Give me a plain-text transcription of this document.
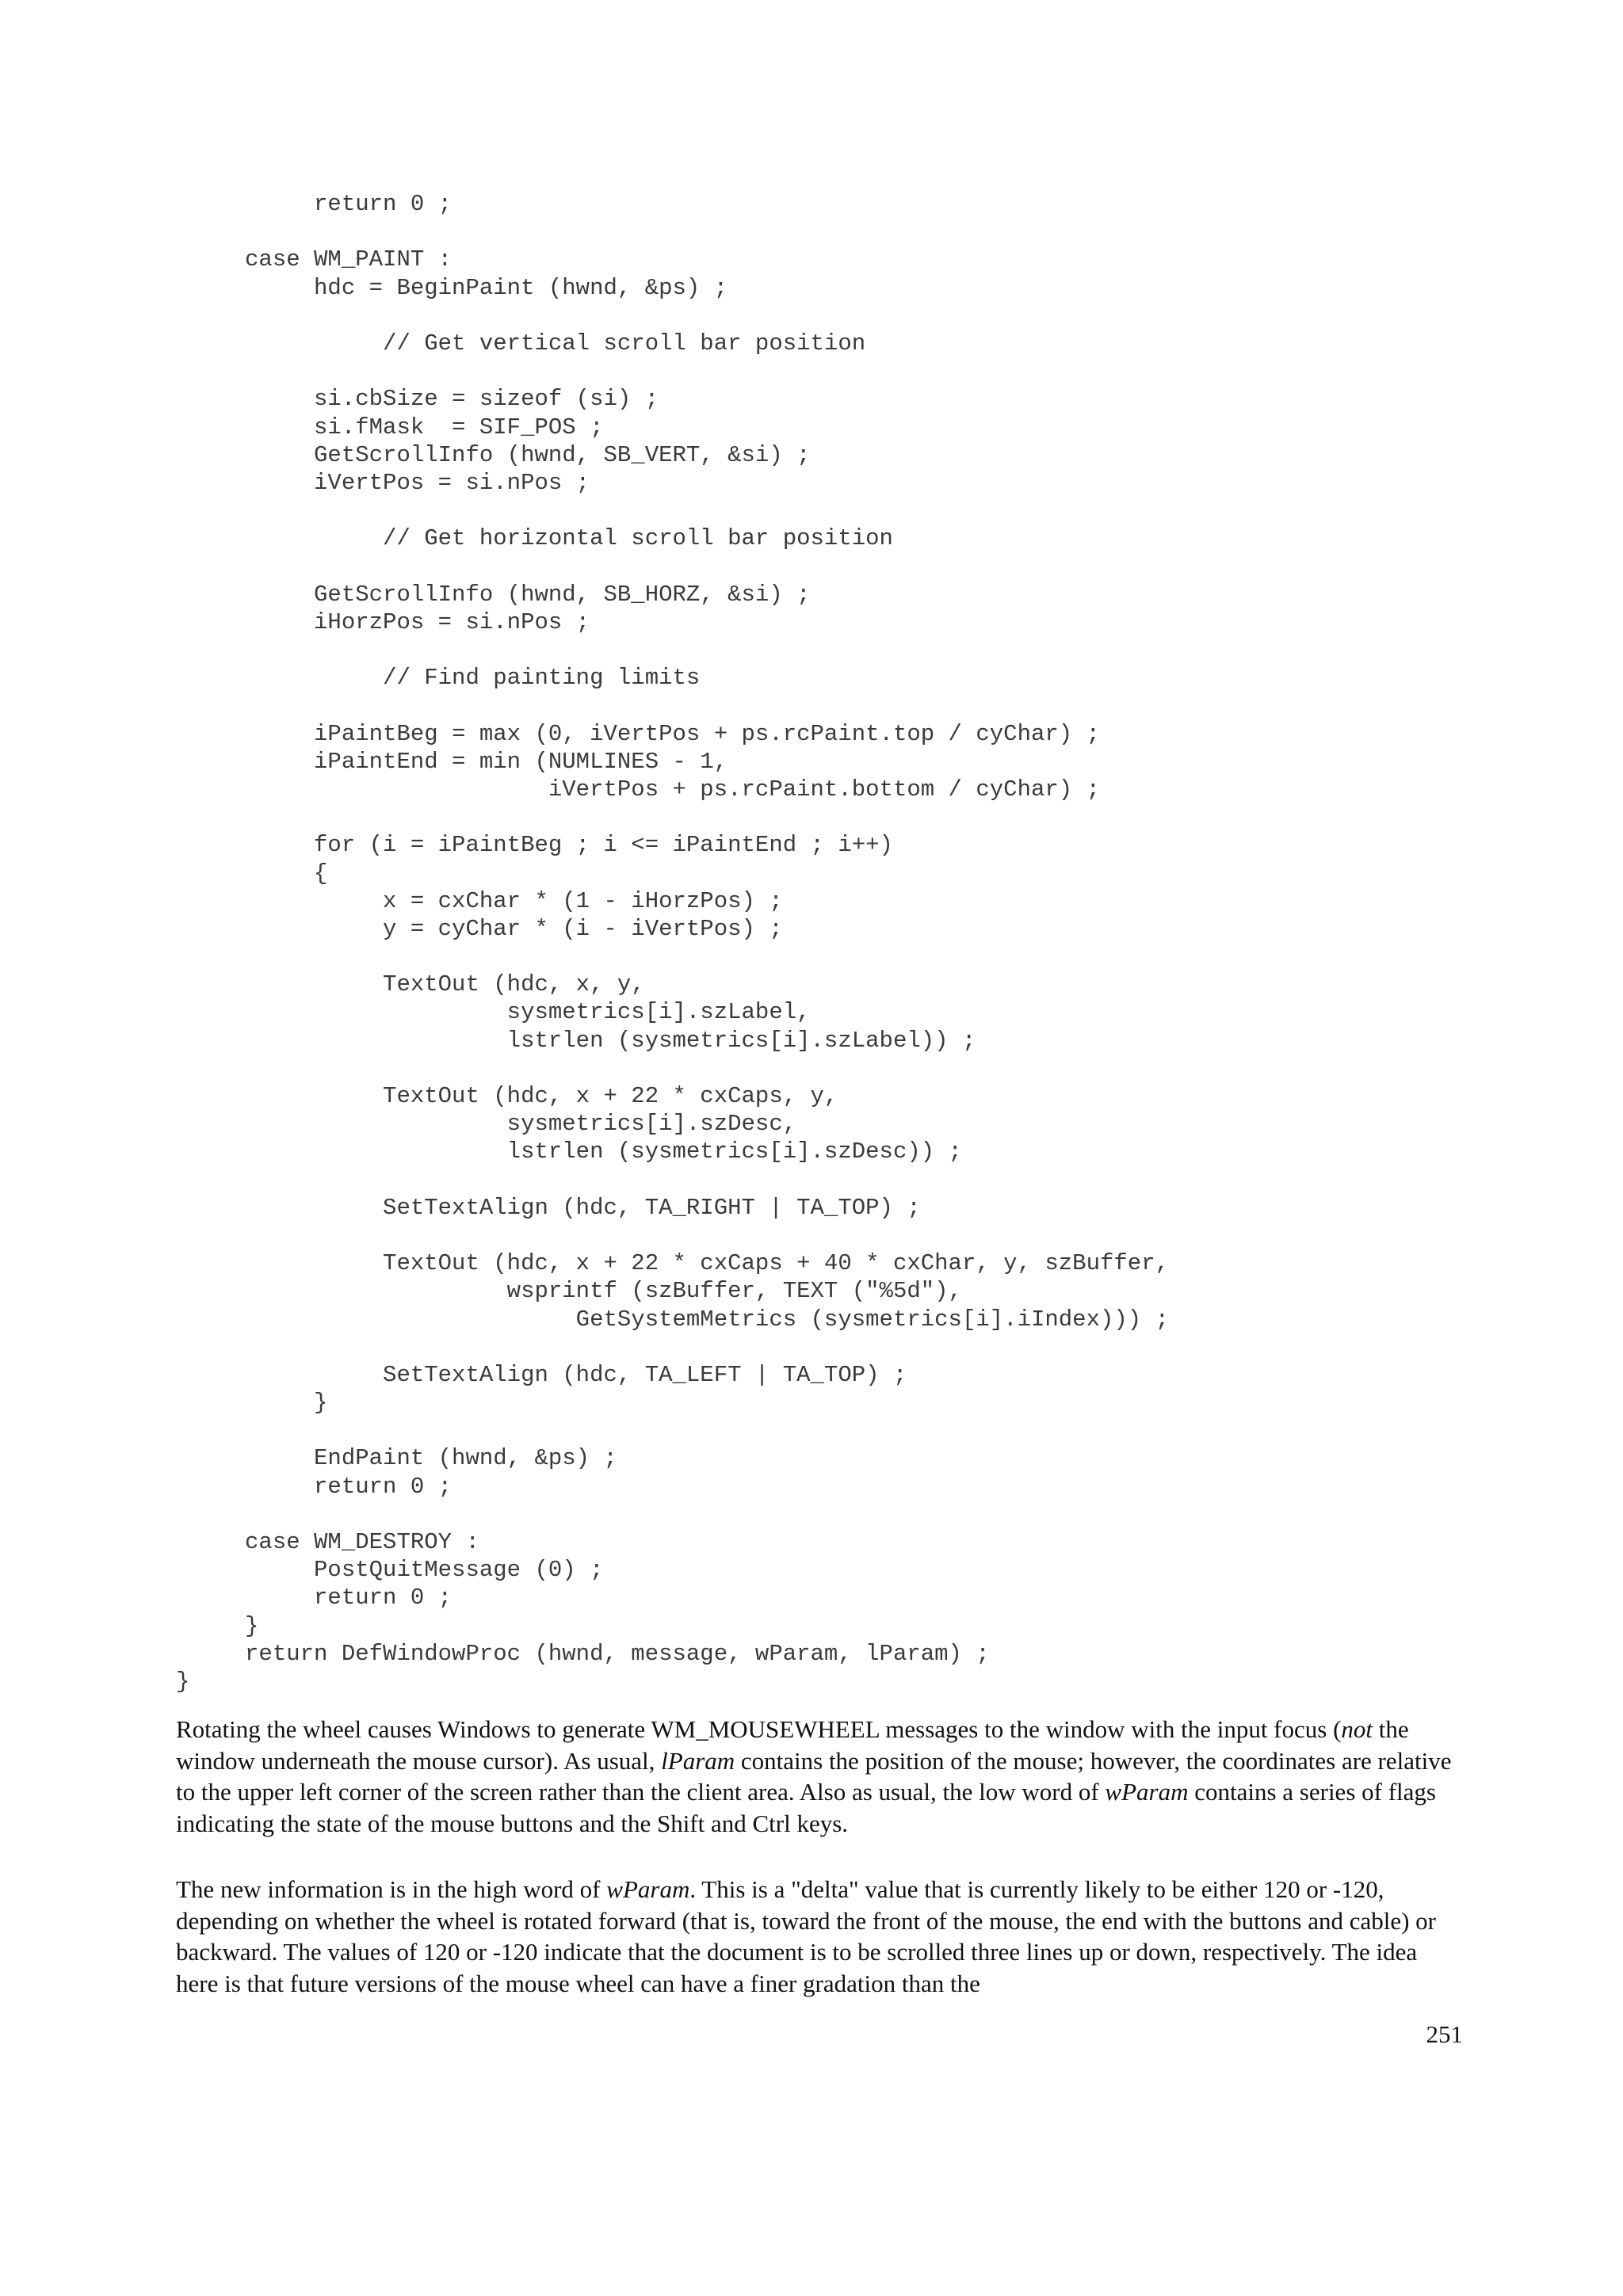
return 0 ;
case WM_PAINT :
hdc = BeginPaint (hwnd, &ps) ;
// Get vertical scroll bar position
si.cbSize = sizeof (si) ;
si.fMask  = SIF_POS ;
GetScrollInfo (hwnd, SB_VERT, &si) ;
iVertPos = si.nPos ;
// Get horizontal scroll bar position
GetScrollInfo (hwnd, SB_HORZ, &si) ;
iHorzPos = si.nPos ;
// Find painting limits
iPaintBeg = max (0, iVertPos + ps.rcPaint.top / cyChar) ;
iPaintEnd = min (NUMLINES - 1,
iVertPos + ps.rcPaint.bottom / cyChar) ;
for (i = iPaintBeg ; i <= iPaintEnd ; i++)
{
x = cxChar * (1 - iHorzPos) ;
y = cyChar * (i - iVertPos) ;
TextOut (hdc, x, y,
sysmetrics[i].szLabel,
lstrlen (sysmetrics[i].szLabel)) ;
TextOut (hdc, x + 22 * cxCaps, y,
sysmetrics[i].szDesc,
lstrlen (sysmetrics[i].szDesc)) ;
SetTextAlign (hdc, TA_RIGHT | TA_TOP) ;
TextOut (hdc, x + 22 * cxCaps + 40 * cxChar, y, szBuffer,
wsprintf (szBuffer, TEXT ("%5d"),
GetSystemMetrics (sysmetrics[i].iIndex))) ;
SetTextAlign (hdc, TA_LEFT | TA_TOP) ;
}
EndPaint (hwnd, &ps) ;
return 0 ;
case WM_DESTROY :
PostQuitMessage (0) ;
return 0 ;
}
return DefWindowProc (hwnd, message, wParam, lParam) ;
}

Rotating the wheel causes Windows to generate WM_MOUSEWHEEL messages to the window with the input focus (not the window underneath the mouse cursor). As usual, lParam contains the position of the mouse; however, the coordinates are relative to the upper left corner of the screen rather than the client area. Also as usual, the low word of wParam contains a series of flags indicating the state of the mouse buttons and the Shift and Ctrl keys.

The new information is in the high word of wParam. This is a "delta" value that is currently likely to be either 120 or -120, depending on whether the wheel is rotated forward (that is, toward the front of the mouse, the end with the buttons and cable) or backward. The values of 120 or -120 indicate that the document is to be scrolled three lines up or down, respectively. The idea here is that future versions of the mouse wheel can have a finer gradation than the

251
